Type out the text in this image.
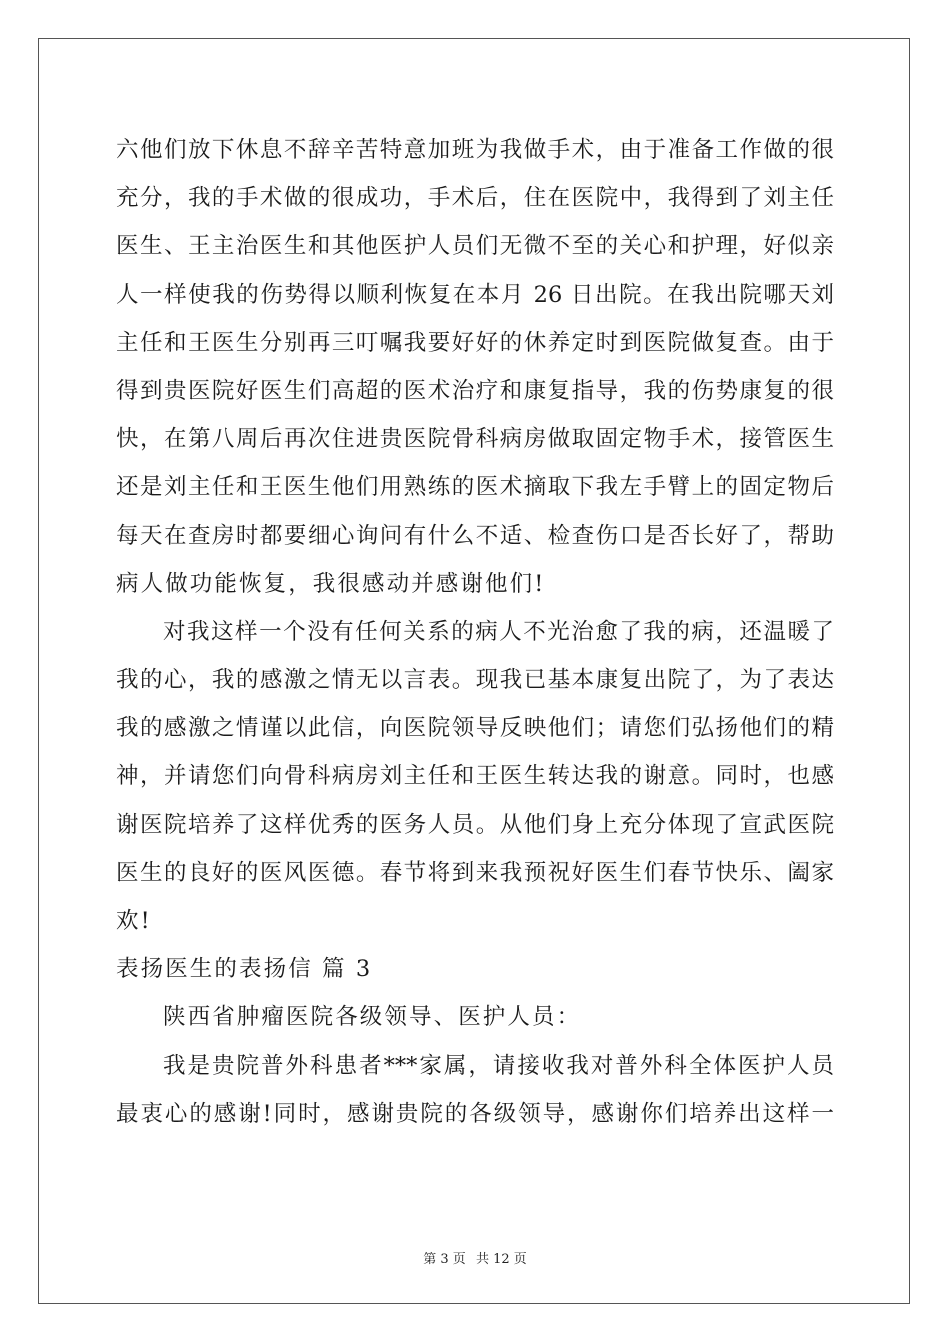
六他们放下休息不辞辛苦特意加班为我做手术，由于准备工作做的很
充分，我的手术做的很成功，手术后，住在医院中，我得到了刘主任
医生、王主治医生和其他医护人员们无微不至的关心和护理，好似亲
人一样使我的伤势得以顺利恢复在本月 26 日出院。在我出院哪天刘
主任和王医生分别再三叮嘱我要好好的休养定时到医院做复查。由于
得到贵医院好医生们高超的医术治疗和康复指导，我的伤势康复的很
快，在第八周后再次住进贵医院骨科病房做取固定物手术，接管医生
还是刘主任和王医生他们用熟练的医术摘取下我左手臂上的固定物后
每天在查房时都要细心询问有什么不适、检查伤口是否长好了，帮助
病人做功能恢复，我很感动并感谢他们!
对我这样一个没有任何关系的病人不光治愈了我的病，还温暖了
我的心，我的感激之情无以言表。现我已基本康复出院了，为了表达
我的感激之情谨以此信，向医院领导反映他们；请您们弘扬他们的精
神，并请您们向骨科病房刘主任和王医生转达我的谢意。同时，也感
谢医院培养了这样优秀的医务人员。从他们身上充分体现了宣武医院
医生的良好的医风医德。春节将到来我预祝好医生们春节快乐、阖家
欢!
表扬医生的表扬信 篇 3
陕西省肿瘤医院各级领导、医护人员：
我是贵院普外科患者***家属，请接收我对普外科全体医护人员
最衷心的感谢!同时，感谢贵院的各级领导，感谢你们培养出这样一
第 3 页 共 12 页
